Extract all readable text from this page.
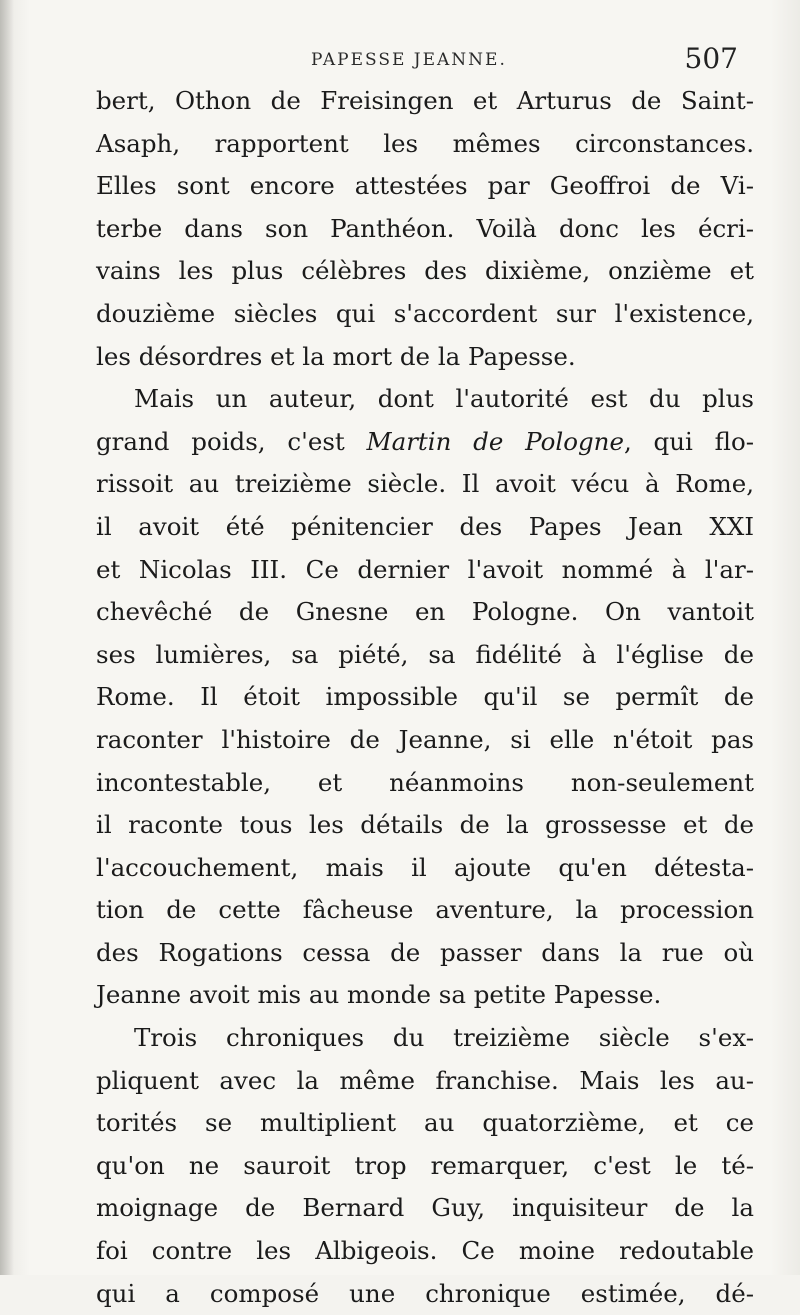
PAPESSE JEANNE.	507
bert, Othon de Freisingen et Arturus de Saint-
Asaph, rapportent les mêmes circonstances.
Elles sont encore attestées par Geoffroi de Vi-
terbe dans son Panthéon. Voilà donc les écri-
vains les plus célèbres des dixième, onzième et
douzième siècles qui s'accordent sur l'existence,
les désordres et la mort de la Papesse.
Mais un auteur, dont l'autorité est du plus
grand poids, c'est Martin de Pologne, qui flo-
rissoit au treizième siècle. Il avoit vécu à Rome,
il avoit été pénitencier des Papes Jean XXI
et Nicolas III. Ce dernier l'avoit nommé à l'ar-
chevêché de Gnesne en Pologne. On vantoit
ses lumières, sa piété, sa fidélité à l'église de
Rome. Il étoit impossible qu'il se permît de
raconter l'histoire de Jeanne, si elle n'étoit pas
incontestable, et néanmoins non-seulement
il raconte tous les détails de la grossesse et de
l'accouchement, mais il ajoute qu'en détesta-
tion de cette fâcheuse aventure, la procession
des Rogations cessa de passer dans la rue où
Jeanne avoit mis au monde sa petite Papesse.
Trois chroniques du treizième siècle s'ex-
pliquent avec la même franchise. Mais les au-
torités se multiplient au quatorzième, et ce
qu'on ne sauroit trop remarquer, c'est le té-
moignage de Bernard Guy, inquisiteur de la
foi contre les Albigeois. Ce moine redoutable
qui a composé une chronique estimée, dé-
